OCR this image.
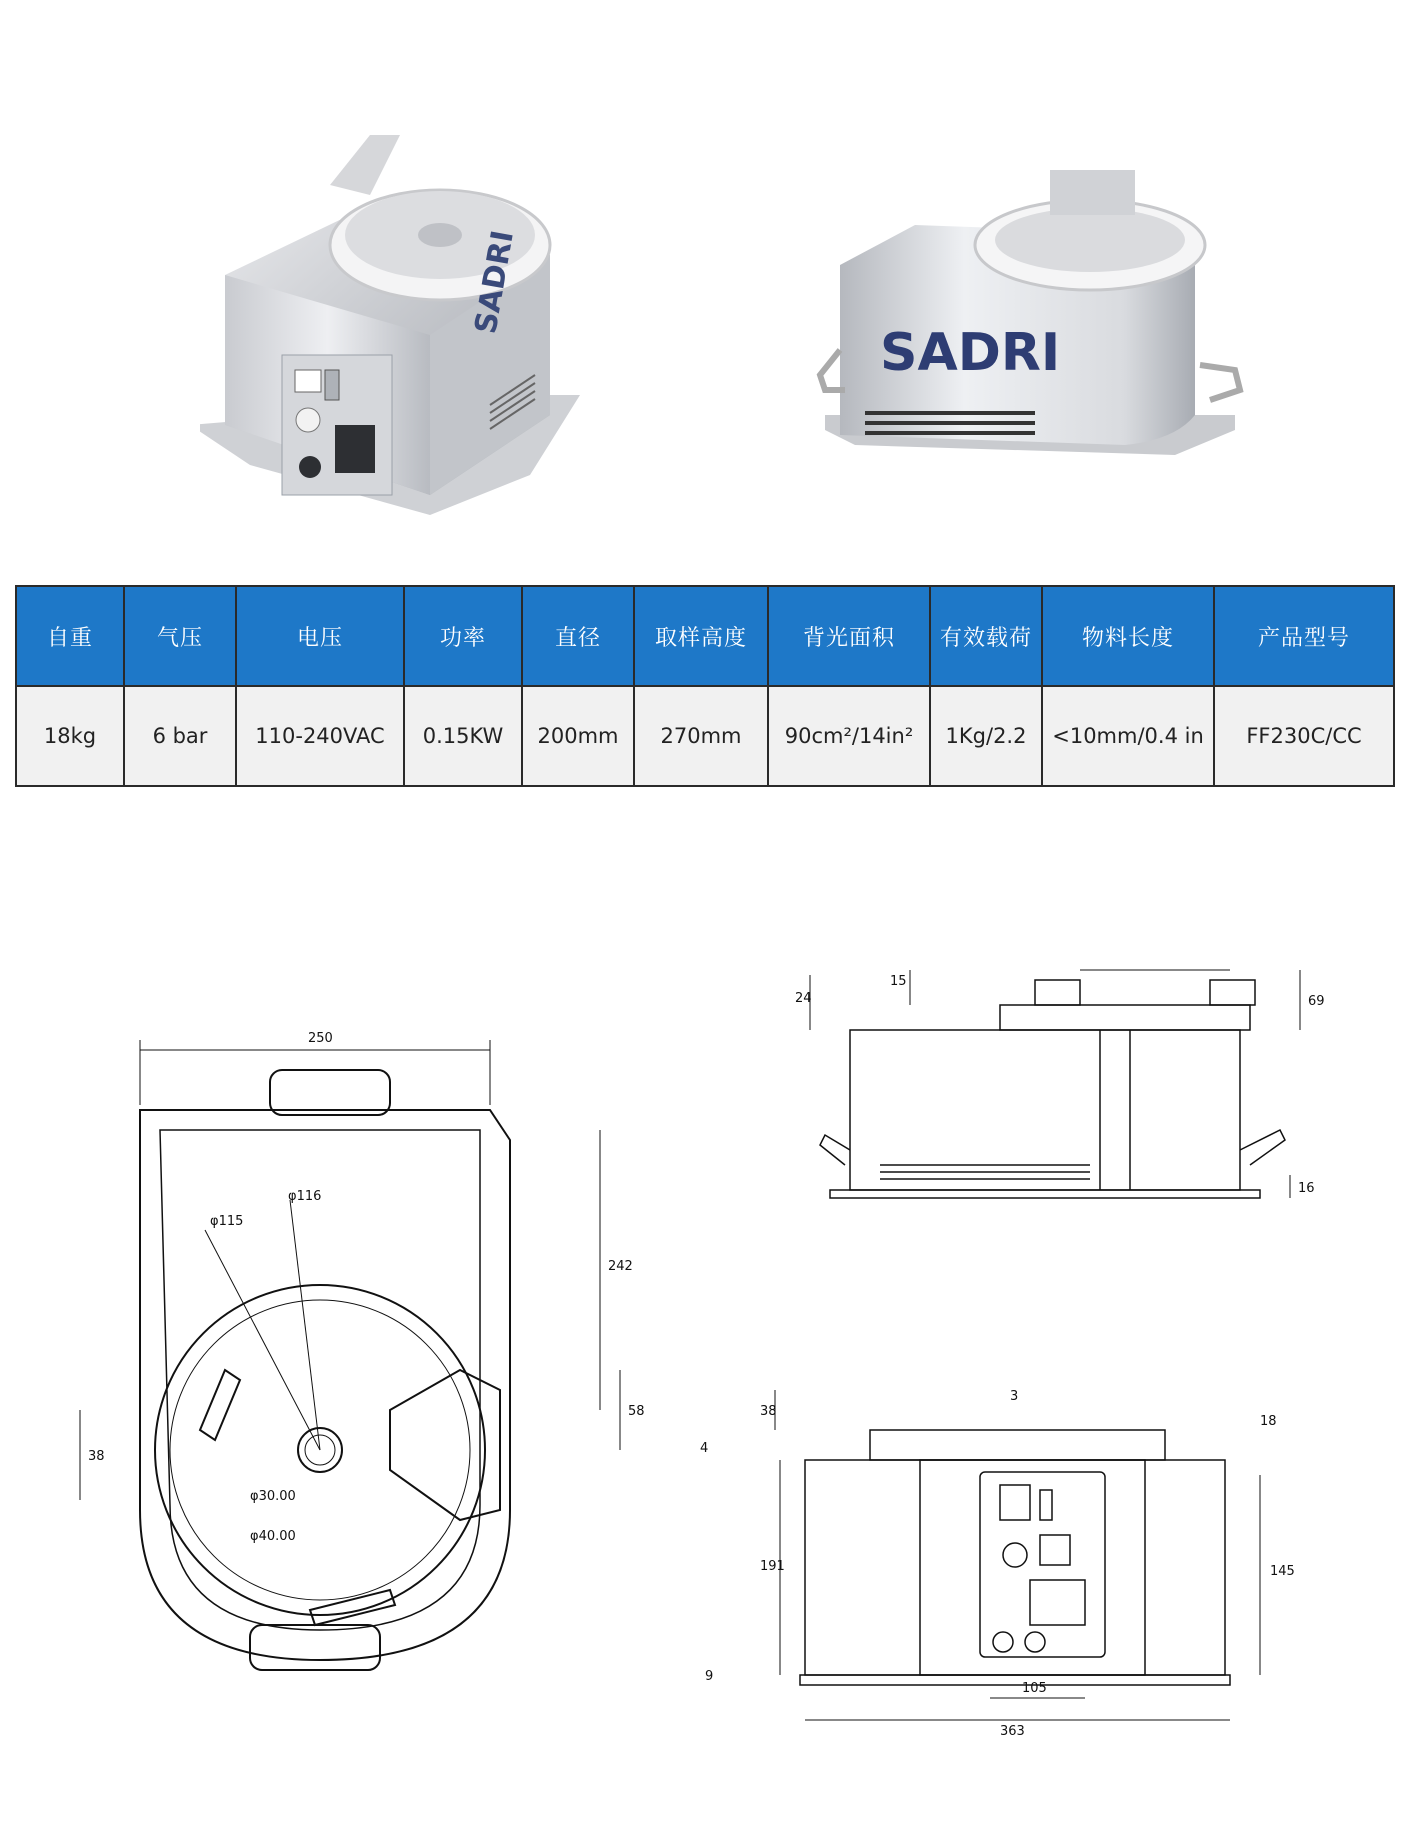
SADRI
SADRI
自重	气压	电压	功率	直径	取样高度	背光面积	有效载荷	物料长度	产品型号
18kg	6 bar	110-240VAC	0.15KW	200mm	270mm	90cm²/14in²	1Kg/2.2	<10mm/0.4 in	FF230C/CC
250
242
φ116
φ115
φ30.00
φ40.00
38
58
24
15
69
16
38
3
18
4
191	145
9
105
363
